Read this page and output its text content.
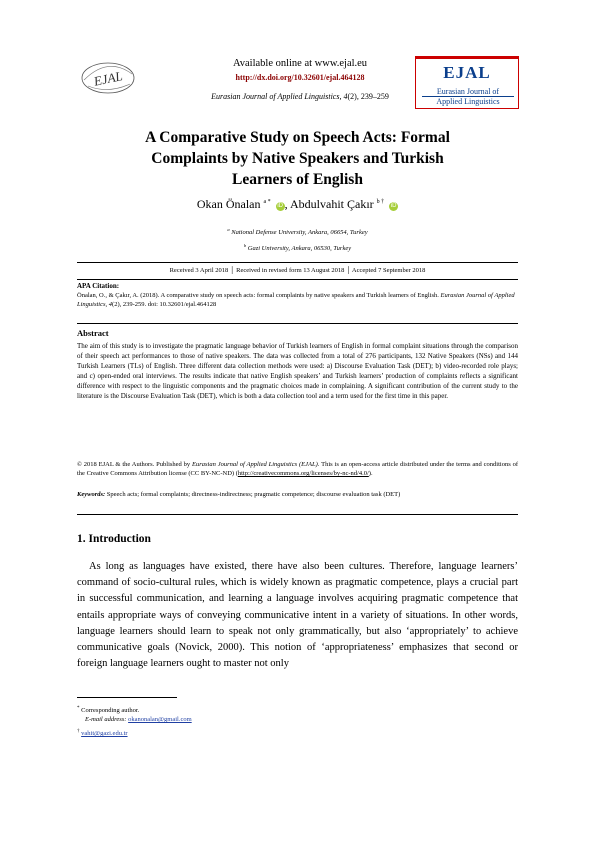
EJAL
Available online at www.ejal.eu
http://dx.doi.org/10.32601/ejal.464128
Eurasian Journal of Applied Linguistics, 4(2), 239–259
EJAL
Eurasian Journal of
Applied Linguistics
A Comparative Study on Speech Acts: Formal
Complaints by Native Speakers and Turkish
Learners of English
Okan Önalan $^{a *}$ iD , Abdulvahit Çakır $^{b \dagger}$ iD
$^a$ National Defense University, Ankara, 06654, Turkey
$^b$ Gazi University, Ankara, 06530, Turkey
Received 3 April 2018 │ Received in revised form 13 August 2018 │ Accepted 7 September 2018
APA Citation:
Önalan, O., & Çakır, A. (2018). A comparative study on speech acts: formal complaints by native speakers and Turkish learners of English. Eurasian Journal of Applied Linguistics, 4(2), 239-259. doi: 10.32601/ejal.464128
Abstract
The aim of this study is to investigate the pragmatic language behavior of Turkish learners of English in formal complaint situations through the comparison of their speech act performances to those of native speakers. The data was collected from a total of 276 participants, 132 Native Speakers (NSs) and 144 Turkish Learners (TLs) of English. Three different data collection methods were used: a) Discourse Evaluation Task (DET); b) video-recorded role plays; and c) open-ended oral interviews. The results indicate that native English speakers’ and Turkish learners’ production of complaints reflects a significant difference with respect to the linguistic components and the pragmatic choices made in complaining. A significant contribution of the current study to the literature is the Discourse Evaluation Task (DET), which is both a data collection tool and a term used for the first time in this paper.
© 2018 EJAL & the Authors. Published by Eurasian Journal of Applied Linguistics (EJAL). This is an open-access article distributed under the terms and conditions of the Creative Commons Attribution license (CC BY-NC-ND) (http://creativecommons.org/licenses/by-nc-nd/4.0/).
Keywords: Speech acts; formal complaints; directness-indirectness; pragmatic competence; discourse evaluation task (DET)
1. Introduction
As long as languages have existed, there have also been cultures. Therefore, language learners’ command of socio-cultural rules, which is widely known as pragmatic competence, plays a crucial part in successful communication, and learning a language involves acquiring pragmatic competence that entails appropriate ways of conveying communicative intent in a variety of situations. In other words, language learners should learn to speak not only grammatically, but also ‘appropriately’ to achieve communicative goals (Novick, 2000). This notion of ‘appropriateness’ emphasizes that second or foreign language learners ought to master not only
* Corresponding author.
E-mail address: okanonalan@gmail.com
† vahit@gazi.edu.tr
